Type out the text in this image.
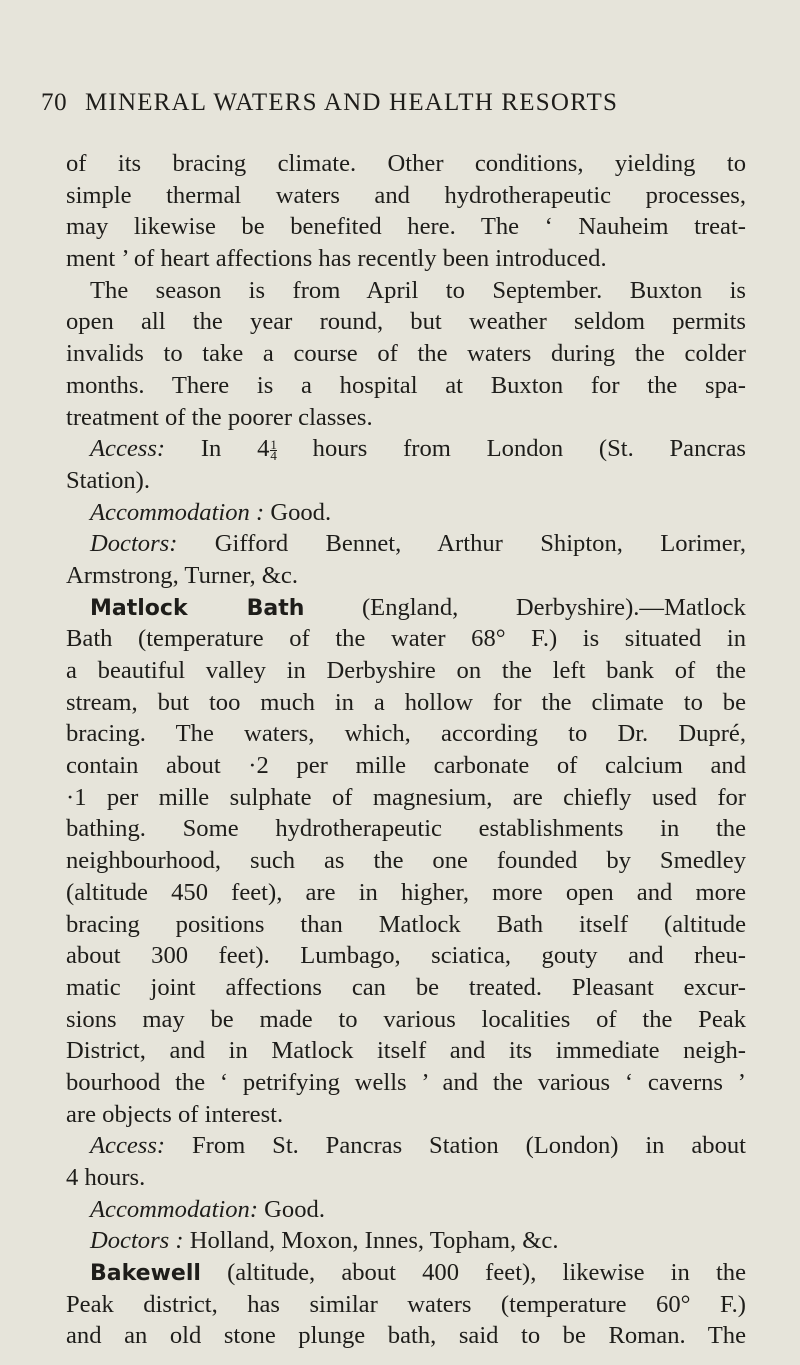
70 MINERAL WATERS AND HEALTH RESORTS
of its bracing climate. Other conditions, yielding to
simple thermal waters and hydrotherapeutic processes,
may likewise be benefited here. The ‘ Nauheim treat-
ment ’ of heart affections has recently been introduced.
The season is from April to September. Buxton is
open all the year round, but weather seldom permits
invalids to take a course of the waters during the colder
months. There is a hospital at Buxton for the spa-
treatment of the poorer classes.
Access: In $4 \frac{1}{4}$ hours from London (St. Pancras
Station).
Accommodation : Good.
Doctors: Gifford Bennet, Arthur Shipton, Lorimer,
Armstrong, Turner, &c.
Matlock Bath (England, Derbyshire).—Matlock
Bath (temperature of the water 68° F.) is situated in
a beautiful valley in Derbyshire on the left bank of the
stream, but too much in a hollow for the climate to be
bracing. The waters, which, according to Dr. Dupré,
contain about ·2 per mille carbonate of calcium and
·1 per mille sulphate of magnesium, are chiefly used for
bathing. Some hydrotherapeutic establishments in the
neighbourhood, such as the one founded by Smedley
(altitude 450 feet), are in higher, more open and more
bracing positions than Matlock Bath itself (altitude
about 300 feet). Lumbago, sciatica, gouty and rheu-
matic joint affections can be treated. Pleasant excur-
sions may be made to various localities of the Peak
District, and in Matlock itself and its immediate neigh-
bourhood the ‘ petrifying wells ’ and the various ‘ caverns ’
are objects of interest.
Access: From St. Pancras Station (London) in about
4 hours.
Accommodation: Good.
Doctors : Holland, Moxon, Innes, Topham, &c.
Bakewell (altitude, about 400 feet), likewise in the
Peak district, has similar waters (temperature 60° F.)
and an old stone plunge bath, said to be Roman. The
